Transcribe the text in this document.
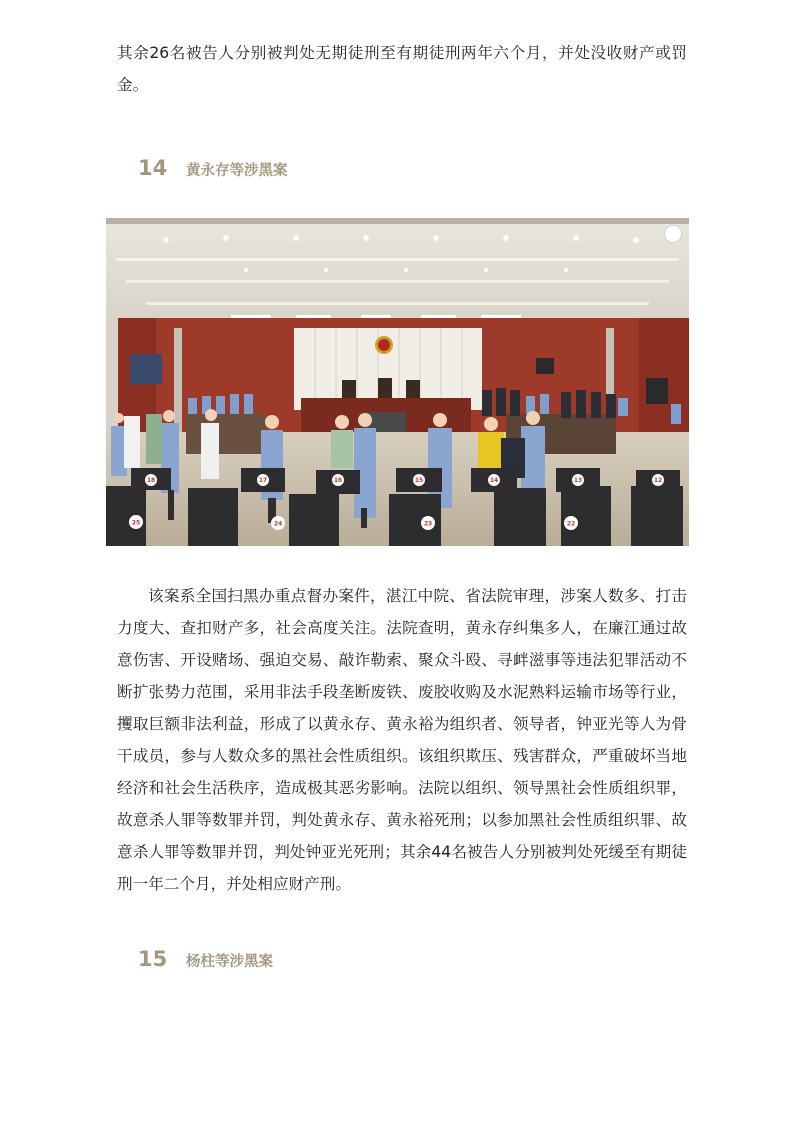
其余26名被告人分别被判处无期徒刑至有期徒刑两年六个月，并处没收财产或罚金。

14	黄永存等涉黑案
18	17	16	15	14	13	12
25	24	23	22

该案系全国扫黑办重点督办案件，湛江中院、省法院审理，涉案人数多、打击力度大、查扣财产多，社会高度关注。法院查明，黄永存纠集多人，在廉江通过故意伤害、开设赌场、强迫交易、敲诈勒索、聚众斗殴、寻衅滋事等违法犯罪活动不断扩张势力范围，采用非法手段垄断废铁、废胶收购及水泥熟料运输市场等行业，攫取巨额非法利益，形成了以黄永存、黄永裕为组织者、领导者，钟亚光等人为骨干成员，参与人数众多的黑社会性质组织。该组织欺压、残害群众，严重破坏当地经济和社会生活秩序，造成极其恶劣影响。法院以组织、领导黑社会性质组织罪，故意杀人罪等数罪并罚，判处黄永存、黄永裕死刑；以参加黑社会性质组织罪、故意杀人罪等数罪并罚，判处钟亚光死刑；其余44名被告人分别被判处死缓至有期徒刑一年二个月，并处相应财产刑。

15	杨柱等涉黑案
